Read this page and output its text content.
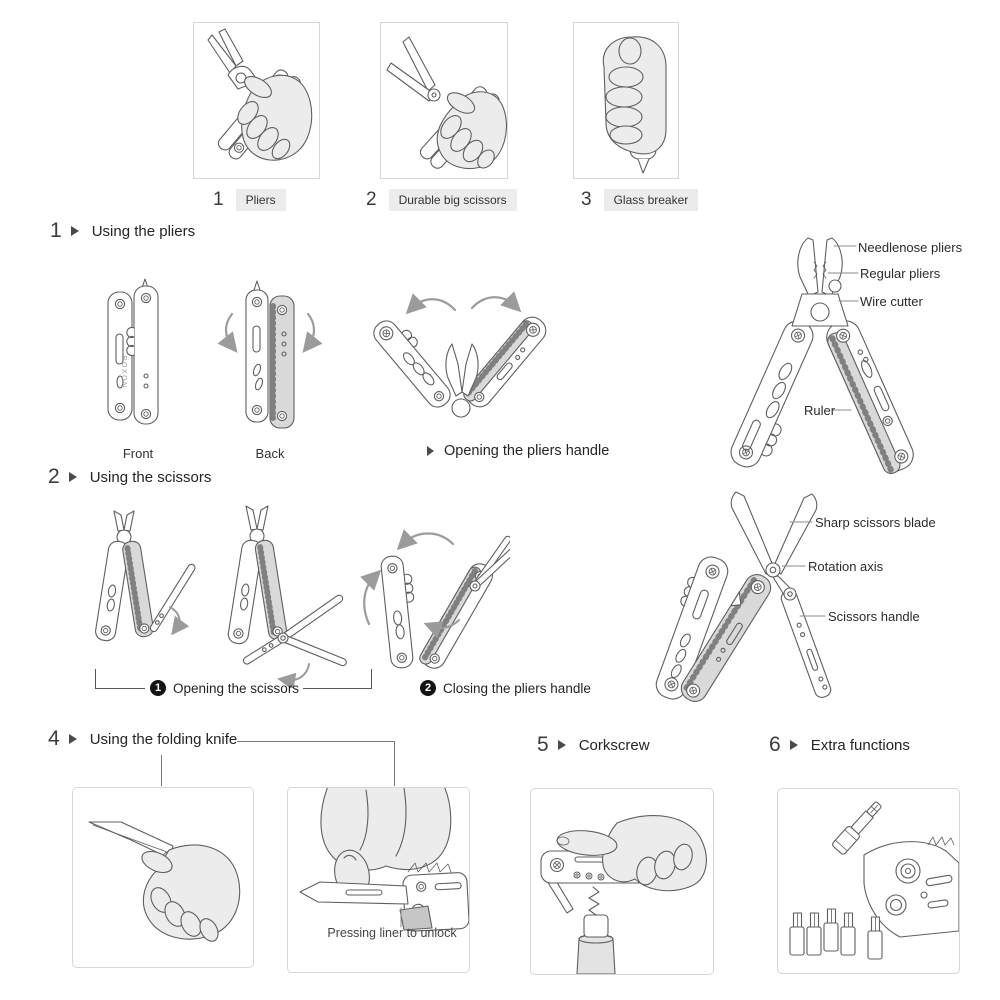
1	Pliers	2	Durable big scissors	3	Glass breaker
1 Using the pliers
ROXON
Needlenose pliers
Regular pliers
Wire cutter
Ruler
Front	Back	Opening the pliers handle
2 Using the scissors
Sharp scissors blade
Rotation axis
Scissors handle
1 Opening the scissors	2 Closing the pliers handle
4 Using the folding knife	5 Corkscrew	6 Extra functions
Pressing liner to unlock
